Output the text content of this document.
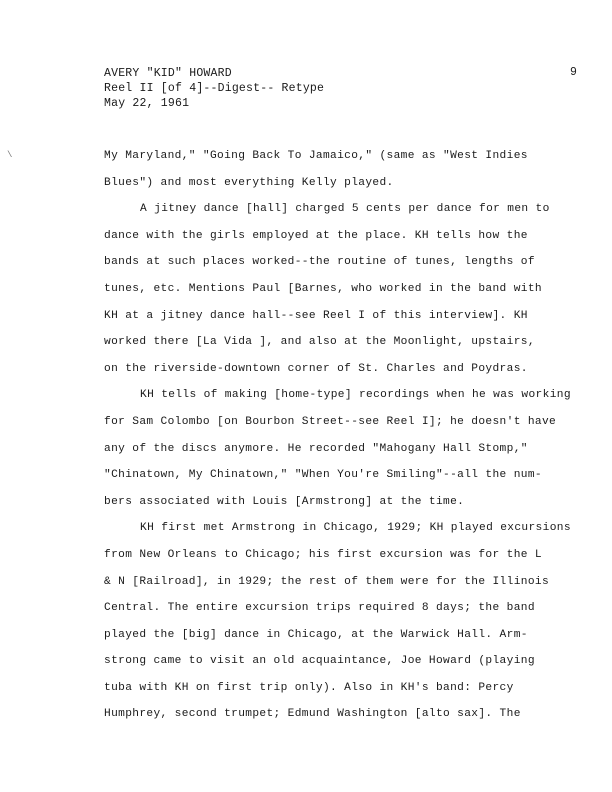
AVERY "KID" HOWARD
Reel II [of 4]--Digest-- Retype
May 22, 1961
9
\	My Maryland," "Going Back To Jamaico," (same as "West Indies
Blues") and most everything Kelly played.
A jitney dance [hall] charged 5 cents per dance for men to
dance with the girls employed at the place. KH tells how the
bands at such places worked--the routine of tunes, lengths of
tunes, etc. Mentions Paul [Barnes, who worked in the band with
KH at a jitney dance hall--see Reel I of this interview]. KH
worked there [La Vida ], and also at the Moonlight, upstairs,
on the riverside-downtown corner of St. Charles and Poydras.
KH tells of making [home-type] recordings when he was working
for Sam Colombo [on Bourbon Street--see Reel I]; he doesn't have
any of the discs anymore. He recorded "Mahogany Hall Stomp,"
"Chinatown, My Chinatown," "When You're Smiling"--all the num-
bers associated with Louis [Armstrong] at the time.
KH first met Armstrong in Chicago, 1929; KH played excursions
from New Orleans to Chicago; his first excursion was for the L
& N [Railroad], in 1929; the rest of them were for the Illinois
Central. The entire excursion trips required 8 days; the band
played the [big] dance in Chicago, at the Warwick Hall. Arm-
strong came to visit an old acquaintance, Joe Howard (playing
tuba with KH on first trip only). Also in KH's band: Percy
Humphrey, second trumpet; Edmund Washington [alto sax]. The
